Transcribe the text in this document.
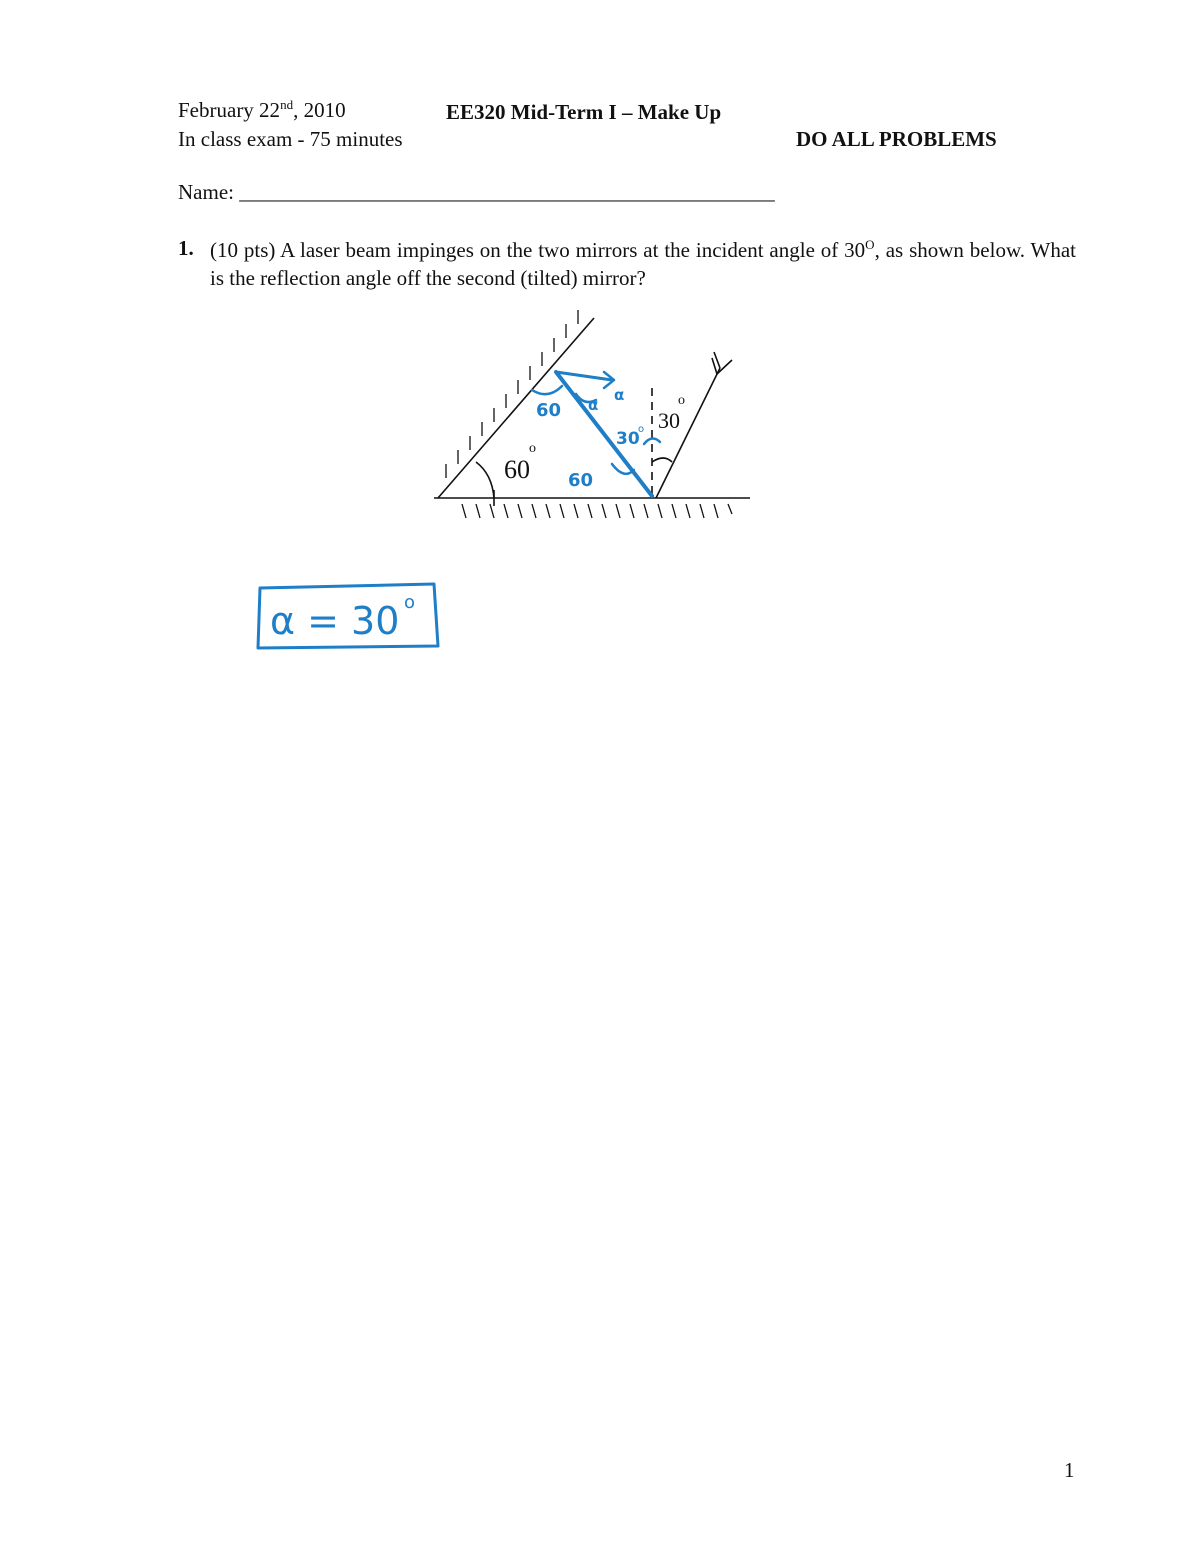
February 22nd, 2010	EE320 Mid-Term I – Make Up
In class exam - 75 minutes	DO ALL PROBLEMS
Name: ___________________________________________________
1. (10 pts) A laser beam impinges on the two mirrors at the incident angle of $30^O$, as shown below. What is the reflection angle off the second (tilted) mirror?
60
o
30
o
60
60
30
o
α
α
α = 30 o
1
